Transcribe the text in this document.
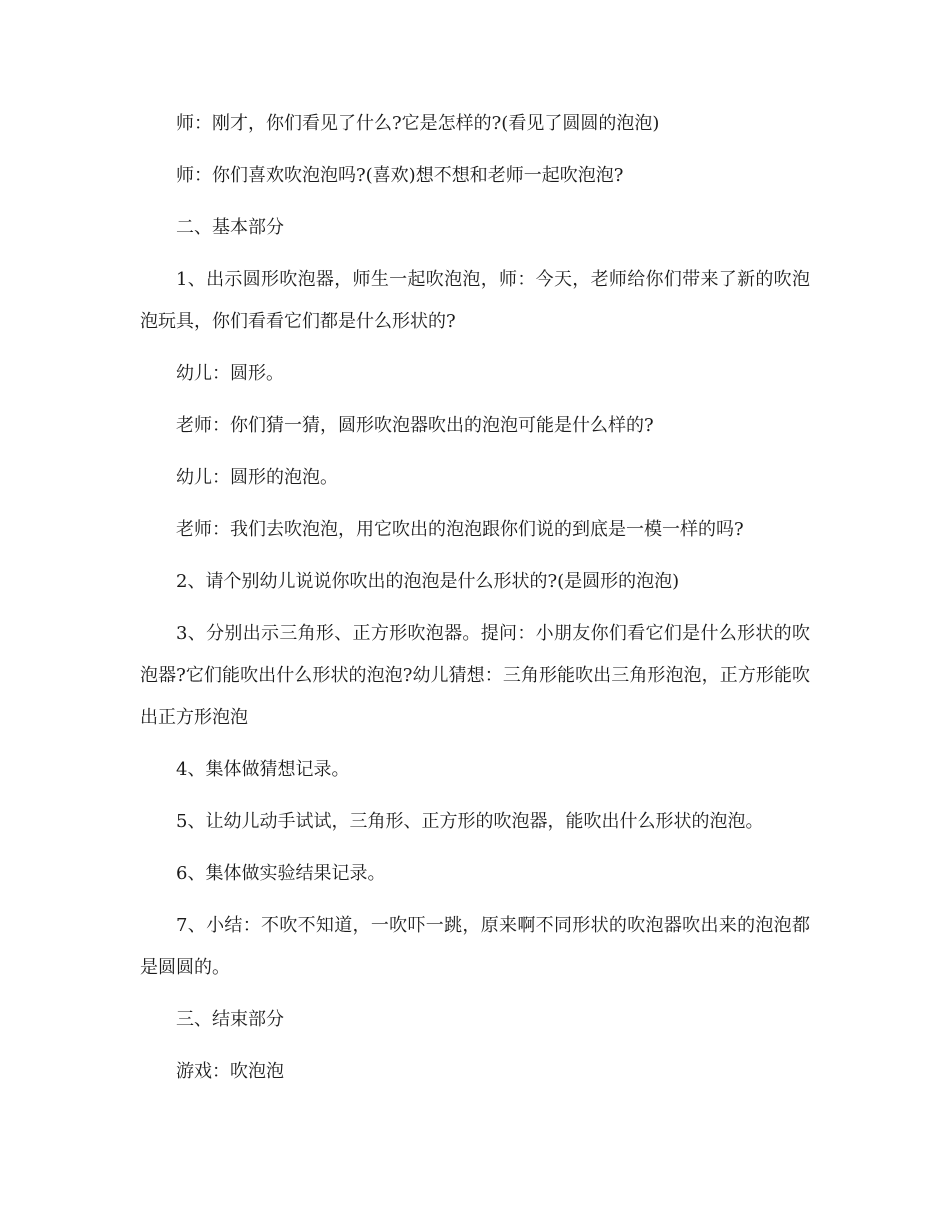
师：刚才，你们看见了什么?它是怎样的?(看见了圆圆的泡泡)

师：你们喜欢吹泡泡吗?(喜欢)想不想和老师一起吹泡泡?

二、基本部分

1、出示圆形吹泡器，师生一起吹泡泡，师：今天，老师给你们带来了新的吹泡泡玩具，你们看看它们都是什么形状的?

幼儿：圆形。

老师：你们猜一猜，圆形吹泡器吹出的泡泡可能是什么样的?

幼儿：圆形的泡泡。

老师：我们去吹泡泡，用它吹出的泡泡跟你们说的到底是一模一样的吗?

2、请个别幼儿说说你吹出的泡泡是什么形状的?(是圆形的泡泡)

3、分别出示三角形、正方形吹泡器。提问：小朋友你们看它们是什么形状的吹泡器?它们能吹出什么形状的泡泡?幼儿猜想：三角形能吹出三角形泡泡，正方形能吹出正方形泡泡

4、集体做猜想记录。

5、让幼儿动手试试，三角形、正方形的吹泡器，能吹出什么形状的泡泡。

6、集体做实验结果记录。

7、小结：不吹不知道，一吹吓一跳，原来啊不同形状的吹泡器吹出来的泡泡都是圆圆的。

三、结束部分

游戏：吹泡泡
